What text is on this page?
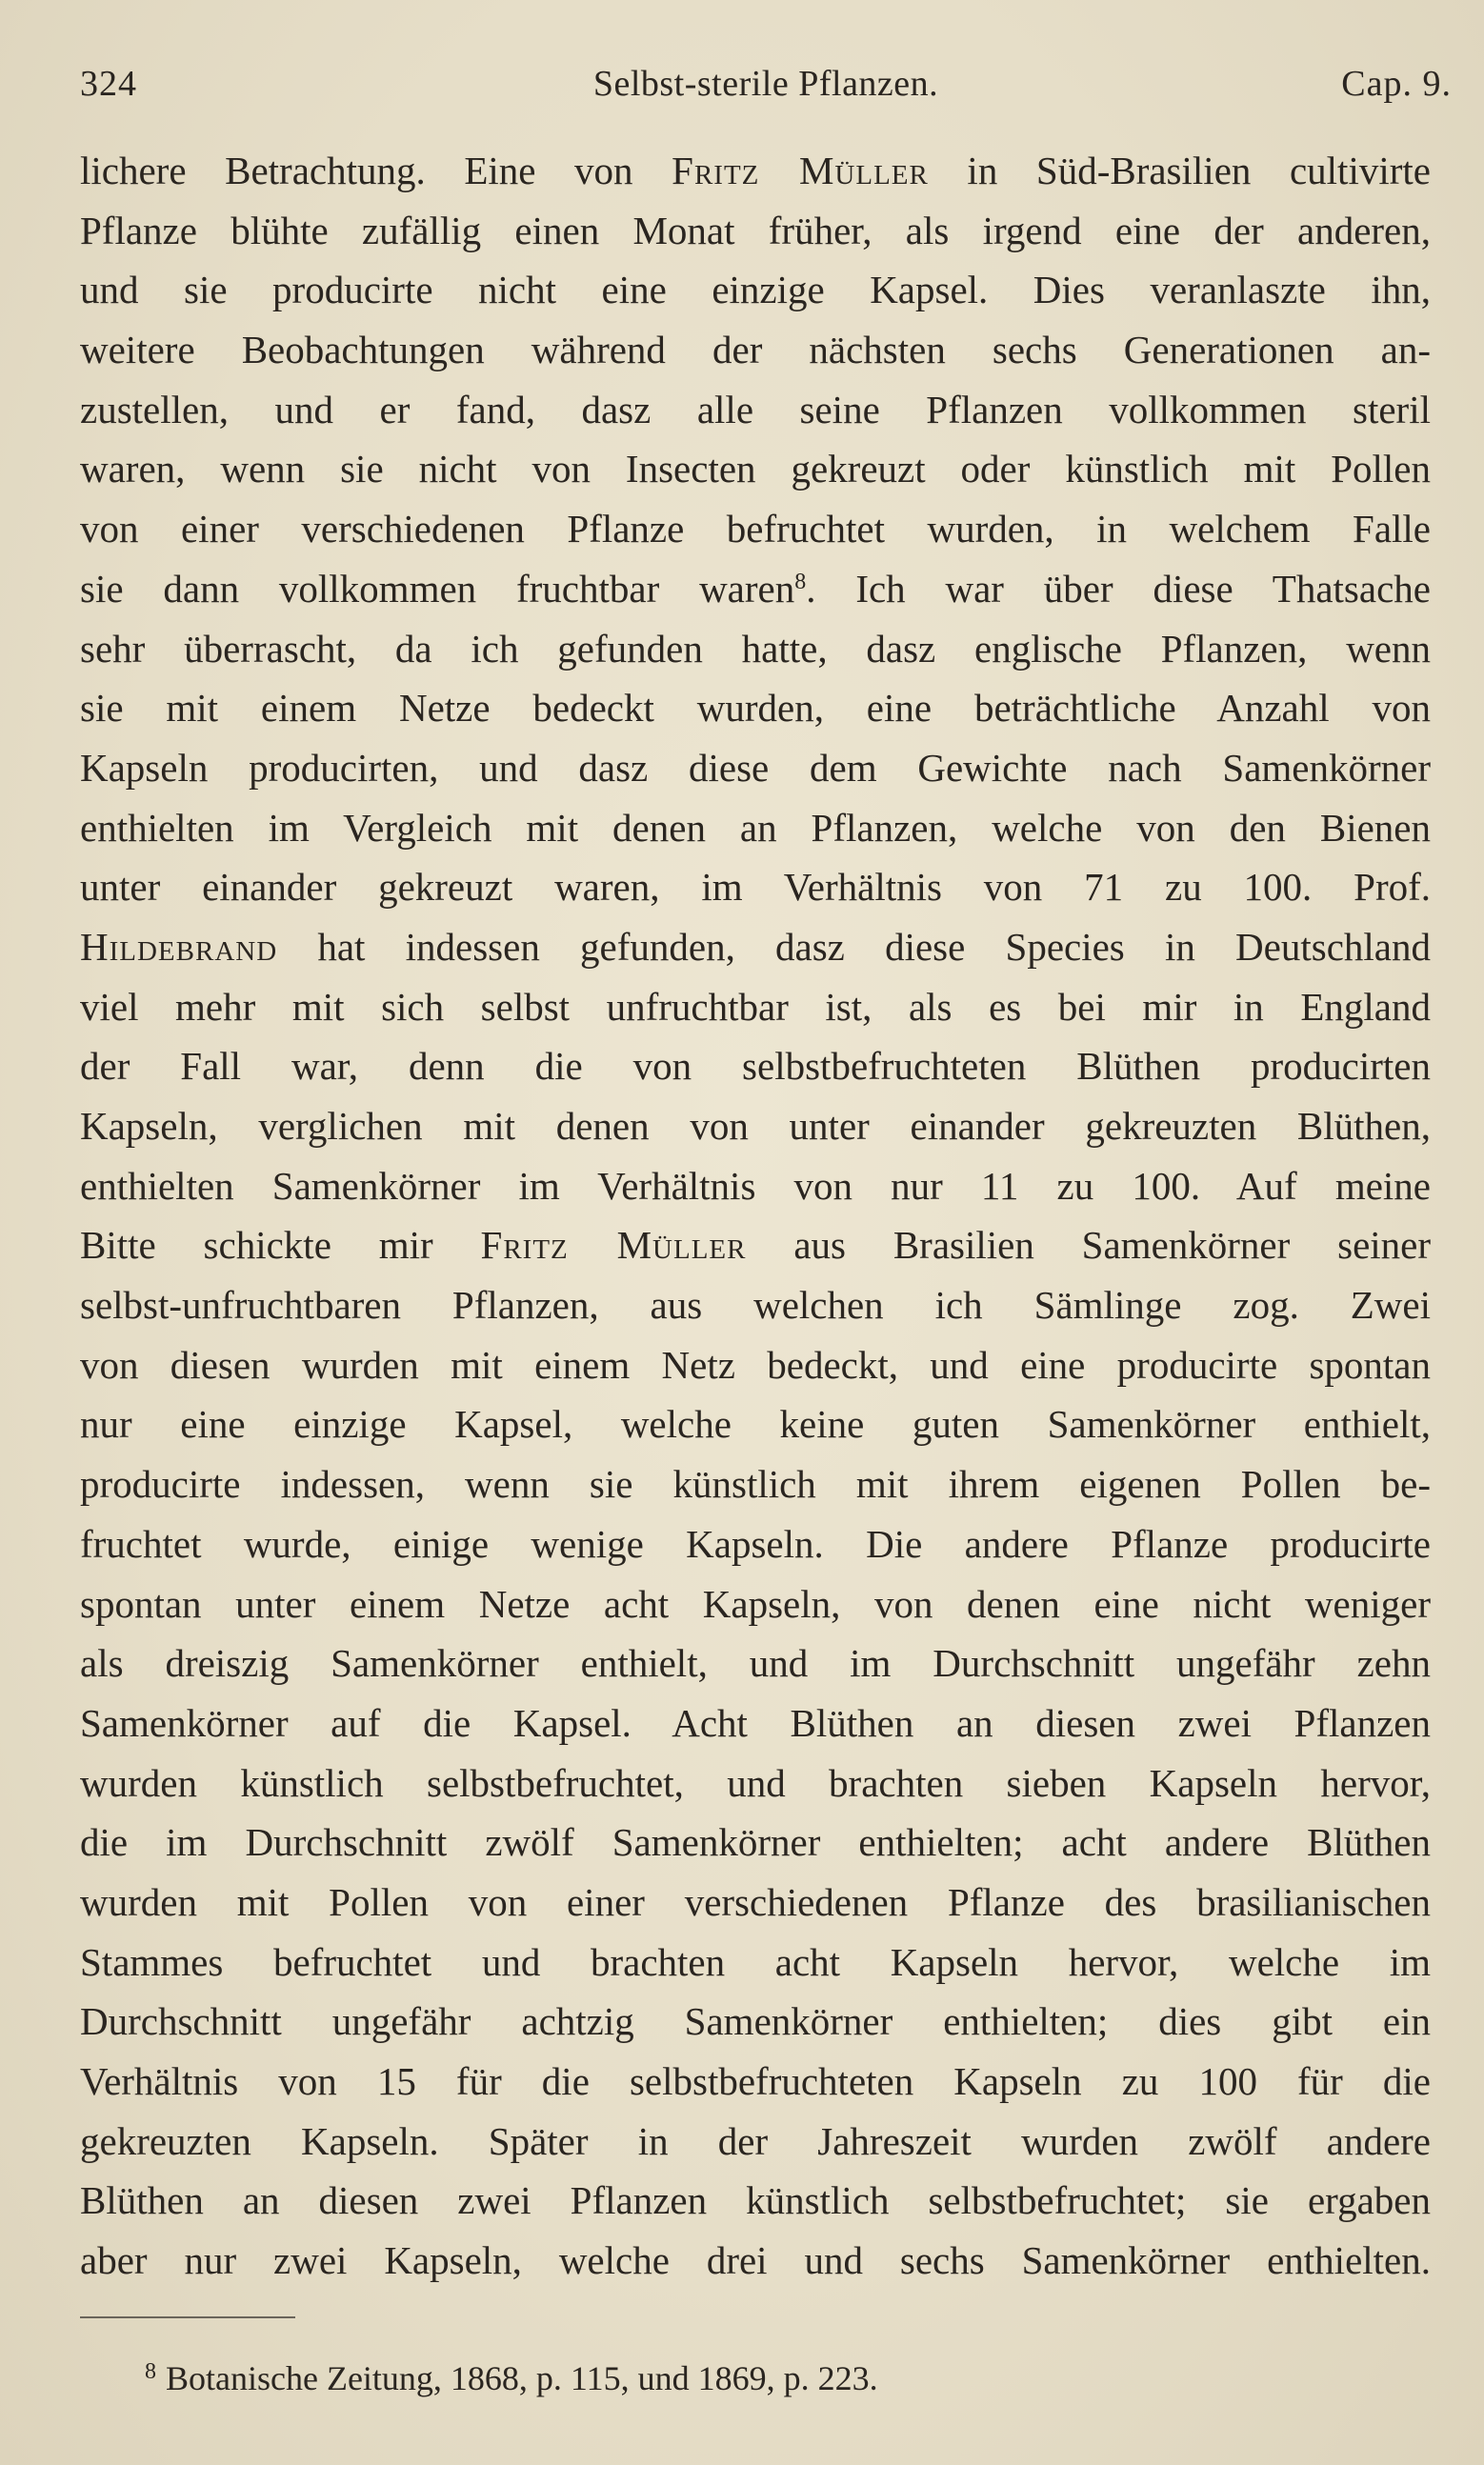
324	Selbst-sterile Pflanzen.	Cap. 9.
lichere Betrachtung. Eine von Fritz Müller in Süd-Brasilien cultivirte
Pflanze blühte zufällig einen Monat früher, als irgend eine der anderen,
und sie producirte nicht eine einzige Kapsel. Dies veranlaszte ihn,
weitere Beobachtungen während der nächsten sechs Generationen an-
zustellen, und er fand, dasz alle seine Pflanzen vollkommen steril
waren, wenn sie nicht von Insecten gekreuzt oder künstlich mit Pollen
von einer verschiedenen Pflanze befruchtet wurden, in welchem Falle
sie dann vollkommen fruchtbar waren$^8$. Ich war über diese Thatsache
sehr überrascht, da ich gefunden hatte, dasz englische Pflanzen, wenn
sie mit einem Netze bedeckt wurden, eine beträchtliche Anzahl von
Kapseln producirten, und dasz diese dem Gewichte nach Samenkörner
enthielten im Vergleich mit denen an Pflanzen, welche von den Bienen
unter einander gekreuzt waren, im Verhältnis von 71 zu 100. Prof.
Hildebrand hat indessen gefunden, dasz diese Species in Deutschland
viel mehr mit sich selbst unfruchtbar ist, als es bei mir in England
der Fall war, denn die von selbstbefruchteten Blüthen producirten
Kapseln, verglichen mit denen von unter einander gekreuzten Blüthen,
enthielten Samenkörner im Verhältnis von nur 11 zu 100. Auf meine
Bitte schickte mir Fritz Müller aus Brasilien Samenkörner seiner
selbst-unfruchtbaren Pflanzen, aus welchen ich Sämlinge zog. Zwei
von diesen wurden mit einem Netz bedeckt, und eine producirte spontan
nur eine einzige Kapsel, welche keine guten Samenkörner enthielt,
producirte indessen, wenn sie künstlich mit ihrem eigenen Pollen be-
fruchtet wurde, einige wenige Kapseln. Die andere Pflanze producirte
spontan unter einem Netze acht Kapseln, von denen eine nicht weniger
als dreiszig Samenkörner enthielt, und im Durchschnitt ungefähr zehn
Samenkörner auf die Kapsel. Acht Blüthen an diesen zwei Pflanzen
wurden künstlich selbstbefruchtet, und brachten sieben Kapseln hervor,
die im Durchschnitt zwölf Samenkörner enthielten; acht andere Blüthen
wurden mit Pollen von einer verschiedenen Pflanze des brasilianischen
Stammes befruchtet und brachten acht Kapseln hervor, welche im
Durchschnitt ungefähr achtzig Samenkörner enthielten; dies gibt ein
Verhältnis von 15 für die selbstbefruchteten Kapseln zu 100 für die
gekreuzten Kapseln. Später in der Jahreszeit wurden zwölf andere
Blüthen an diesen zwei Pflanzen künstlich selbstbefruchtet; sie ergaben
aber nur zwei Kapseln, welche drei und sechs Samenkörner enthielten.
$^8$ Botanische Zeitung, 1868, p. 115, und 1869, p. 223.
